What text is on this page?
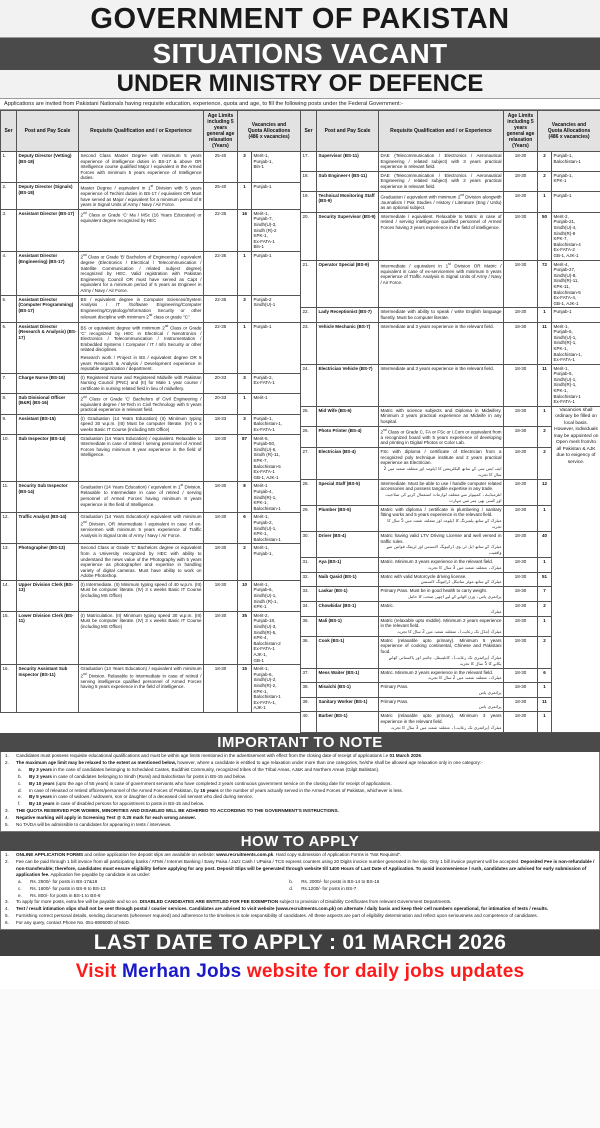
GOVERNMENT OF PAKISTAN
SITUATIONS VACANT
UNDER MINISTRY OF DEFENCE
Applications are invited from Pakistani Nationals having requisite education, experience, quota and age, to fill the following posts under the Federal Government:-
Ser	Post and Pay Scale	Requisite Qualification and / or Experience	Age Limits
including 5 years
general age
relaxation (Years)	Vacancies and
Quota Allocations
(486 x vacancies)	
1.	Deputy Director (Vetting) (BS-18)	Second Class Master Degree with minimum 5 years experience of intelligence duties in BS-17 & above OR Intelligence course qualified Major / equivalent in the Armed Forces with minimum 5 years experience of Intelligence duties.	25-40	3	Merit-1,
Punjab-1,
Bln-1

2.	Deputy Director (Signals) (BS-18)	Master Degree / equivalent in 1st Division with 5 years experience of Techint duties in BS-17 / equivalent OR Must have served as Major / equivalent for a minimum period of 8 years in Signal Units of Army / Navy / Air Force.	25-40	1	Punjab-1

3.	Assistant Director (BS-17)	2nd Class or Grade 'C' Ma / MSc (16 Years Education) or equivalent degree recognized by HEC	22-35	16	Merit-1,
Punjab-7,
Sindh(U)-3,
Sindh (R)-2
KPK-1,
Ex-FATA-1
Bln-1

4.	Assistant Director (Engineering) (BS-17)	2nd Class or Grade 'B' Bachelors of Engineering / equivalent degree (Electronics / Electrical / Telecommunication / Satellite Communication / related subject degree) recognized by HEC. Valid registration with Pakistan Engineering Council OR must have served as Capt / equivalent for a minimum period of 5 years as Engineer in Army / Navy / Air Force.	22-35	1	Punjab-1

5.	Assistant Director (Computer Programming) (BS-17)	BS / equivalent degree in Computer Sciences/System Analysis / IT /Software Engineering/Computer Engineering/Cryptology/Information Security or other relevant discipline with minimum 2nd class or grade "C"	22-35	3	Punjab-2
Sindh(U)-1

6.	Assistant Director (Research & Analysis) (BS-17)	BS or equivalent degree with minimum 2nd Class or Grade 'C' recognized by HEC in Electrical / Nenotronics / Electronics / Telecommunication / Instrumentation / Embedded Systems / Computer / IT / Info Security or other related disciplines.
Research work / Project in BS / equivalent degree OR 5 years Research & Analysis / Development experience in reputable organization / department.	22-35	1	Punjab-1

7.	Charge Nurse (BS-16)	(I) Registered Nurse and Registered Midwife with Pakistan Nursing Council (PNC) and (II) for Male 1 year course / certificate in nursing related field in lieu of midwifery.	20-33	3	Punjab-2,
Ex-FATA-1

8.	Sub Divisional Officer (B&R) (BS-16)	2nd Class or Grade 'C' Bachelors of Civil Engineering / equivalent degree / M-Tech in Civil Technology with 5 years practical experience in relevant field.	20-33	1	Merit-1

9.	Assistant (BS-15)	(I) Graduation (14 Years Education) (II) Minimum typing speed 30 w.p.m. (III) Must be computer literate. (IV) 6 x weeks Basic IT Course (including MS Office)	18-33	3	Punjab-1,
Balochistan-1,
Ex-FATA-1

10.	Sub Inspector (BS-14)	Graduation (14 Years Education) / equivalent. Relaxable to Intermediate in case of retired / serving personnel of Armed Forces having minimum 8 year experience in the field of Intelligence.	18-30	87	Merit-5,
Punjab-50,
Sindh(U)-6,
Sindh (R)-11,
KPK-7,
Balochistan-5
Ex-FATA-1
GB-1, AJK-1

11.	Security Sub Inspector (BS-14)	Graduation (14 Years Education) / equivalent in 1st Division. Relaxable to Intermediate in case of retired / serving personnel of Armed Forces having minimum 8 years experience in the field of Intelligence.	18-30	8	Merit-1
Punjab-4,
Sindh(R)-1,
KPK-1,
Balochistan-1

12.	Traffic Analyst (BS-14)	Graduation (14 Years Education)/ equivalent with minimum 2nd Division. OR Intermediate / equivalent in case of ex-servicemen with minimum 5 years experience of Traffic Analysis in Signal Units of Army / Navy / Air Force.	18-30	6	Merit-1,
Punjab-2,
Sindh(U)-1,
KPK-1,
Balochistan-1

13.	Photographer (BS-13)	Second Class or Grade 'C' Bachelors degree or equivalent from a University recognized by HEC with ability to understand the news value of the Photography with 5 years experience as photographer and expertise in handling variety of digital cameras. Must have ability to work on Adobe Photoshop.	18-30	2	Merit-1,
Punjab-1,

14.	Upper Division Clerk (BS-13)	(I) Intermediate. (II) Minimum typing speed of 40 w.p.m. (III) Must be computer literate. (IV) 3 x weeks Basic IT Course (including MS Office)	18-30	10	Merit-1,
Punjab-6,
Sindh(U)-1,
Sindh (R)-1,
KPK-1

15.	Lower Division Clerk (BS-11)	(I) Matriculation. (II) Minimum typing speed 30 w.p.m. (III) Must be computer literate. (IV) 3 x weeks Basic IT Course (including MS Office)	18-30	35	Merit-2,
Punjab-18,
Sindh(U)-3,
Sindh(R)-5,
KPK-4,
Balochistan-2
Ex-FATA-1
AJK-1,
GB-1

16.	Security Assistant Sub Inspector (BS-11)	Graduation (14 Years Education) / equivalent with minimum 2nd Division. Relaxable to Intermediate in case of retired / serving intelligence qualified personnel of Armed Forces having 5 years experience in the field of intelligence.	18-30	15	Merit-1,
Punjab-6,
Sindh(U)-2,
Sindh(R)-2,
KPK-1,
Balochistan-1
Ex-FATA-1,
AJK-1
Ser	Post and Pay Scale	Requisite Qualification and / or Experience	Age Limits
including 5 years
general age
relaxation (Years)	Vacancies and
Quota Allocations
(486 x vacancies)	
17.	Supervisor (BS-11)	DAE (Telecommunication / Electronics / Aeronautical Engineering / related subject) with 3 years practical experience in relevant field.	18-30	2	Punjab-1,
Balochistan-1

18.	Sub Engineer-I (BS-11)	DAE (Telecommunication / Electronics / Aeronautical Engineering / related subject) with 2 years practical experience in relevant field.	18-30	2	Punjab-1,
KPK-1

19.	Technical Monitoring Staff (BS-9)	Graduation / equivalent with minimum 2nd Division alongwith Journalism / Pak Studies / History / Literature (Eng / Urdu) as an optional subject.	18-30	1	Punjab-1

20.	Security Supervisor (BS-9)	Intermediate / equivalent. Relaxable to Matric in case of retired / serving intelligence qualified personnel of Armed Forces having 3 years experience in the field of intelligence.	18-30	50	Merit-2,
Punjab-21,
Sindh(U)-4,
Sindh(R)-8
KPK-7,
Balochistan-4
Ex-FATA-2
GB-1, AJK-1

21.	Operator Special (BS-9)	Intermediate / equivalent in 1st Division OR Matric / equivalent in case of ex-servicemen with minimum 5 years experience of Traffic Analysis in Signal Units of Army / Navy / Air Force.	18-30	72	Merit-4,
Punjab-27,
Sindh(U)-8,
Sindh(R)-11,
KPK-11,
Balochistan-5
Ex-FATA-4,
GB-1, AJK-1

22.	Lady Receptionist (BS-7)	Intermediate with ability to speak / write English language fluently. Must be computer literate.	18-30	1	Punjab-1

23.	Vehicle Mechanic (BS-7)	Intermediate and 3 years experience in the relevant field.	18-30	11	Merit-1,
Punjab-5,
Sindh(U)-1,
Sindh(R)-1,
KPK-1,
Balochistan-1,
Ex-FATA-1

24.	Electrician Vehicle (BS-7)	Intermediate and 3 years experience in the relevant field.	18-30	11	Merit-1,
Punjab-5,
Sindh(U)-1,
Sindh(R)-1,
KPK-1,
Balochistan-1
Ex-FATA-1

25.	Mid Wife (BS-6)	Matric with science subjects and Diploma in Midwifery. Minimum 2 years practical experience as Midwife in any hospital.	18-30	1	Vacancies shall ordinary be filled on local basis. However, individuals may be appointed on Open merit from/to all Pakistan & AJK due to exigency of service.
26.	Photo Printer (BS-4)	2nd Class or Grade C, FA or FSc or I.Com or equivalent from a recognized board with 5 years experience of developing and printing in Digital Photos or Color Lab.	18-30	2	
27.	Electrician (BS-4)	FSc with diploma / certificate of Electrician from a recognized poly technique institute and 2 years practical experience as Electrician.
ایف ایس سی کے ساتھ الیکٹریشن کا ڈپلومہ اور متعلقہ شعبہ میں 2 سال کا تجربہ	18-30	2	
28.	Special Staff (BS-5)	Intermediate. Must be able to use / handle computer related accessories and possess tangible expertise in any trade.
انٹرمیڈیٹ۔ کمپیوٹر سے متعلقہ لوازمات استعمال کرنے کی صلاحیت اور کسی بھی ہنر میں مہارت	18-30	12	
29.	Plumber (BS-5)	Matric with diploma / certificate in plumbering / sanitary fitting works and 5 years experience in the relevant field.
میٹرک کے ساتھ پلمبرنگ کا ڈپلومہ اور متعلقہ شعبہ میں 5 سال کا تجربہ	18-30	1	
30.	Driver (BS-4)	Matric having valid LTV Driving License and well versed in traffic rules.
میٹرک کے ساتھ ایل ٹی وی ڈرائیونگ لائسنس اور ٹریفک قوانین سے واقفیت	18-30	40	
31.	Aya (BS-1)	Matric. Minimum 3 years experience in the relevant field.
میٹرک۔ متعلقہ شعبہ میں 3 سال کا تجربہ	18-30	1	
32.	Naib Qasid (BS-1)	Matric with valid Motorcycle driving license.
میٹرک کے ساتھ موٹر سائیکل ڈرائیونگ لائسنس	18-30	51	
33.	Laskar (BS-1)	Primary Pass. Must be in good health to carry weight.
پرائمری پاس۔ وزن اٹھانے کے لیے اچھی صحت کا حامل	18-30	7	
34.	Chowkidar (BS-1)	Matric.
میٹرک	18-30	2	
35.	Mali (BS-1)	Matric (relaxable upto middle). Minimum 2 years experience in the relevant field.
میٹرک (مڈل تک رعایت)۔ متعلقہ شعبہ میں 2 سال کا تجربہ	18-30	1	
36.	Cook (BS-1)	Matric (relaxable upto primary). Minimum 5 years experience of cooking continental, Chinese and Pakistani food.
میٹرک (پرائمری تک رعایت)۔ کانٹینینٹل، چائنیز اور پاکستانی کھانے پکانے کا 5 سال کا تجربہ	18-30	2	
37.	Mess Waiter (BS-1)	Matric. Minimum 2 years experience in the relevant field.
میٹرک۔ متعلقہ شعبہ میں 2 سال کا تجربہ	18-30	6	
38.	Misalchi (BS-1)	Primary Pass.
پرائمری پاس	18-30	1	
39.	Sanitary Worker (BS-1)	Primary Pass.
پرائمری پاس	18-30	11	
40.	Barber (BS-1)	Matric (relaxable upto primary). Minimum 3 years experience in the relevant field.
میٹرک (پرائمری تک رعایت)۔ متعلقہ شعبہ میں 3 سال کا تجربہ	18-30	1	
IMPORTANT TO NOTE
1.	Candidates must possess requisite educational qualifications and must be within age limits mentioned in the advertisement with effect from the closing date of receipt of applications i.e 01 March 2026.
2.	The maximum age limit may be relaxed to the extent as mentioned below, however, where a candidate is entitled to age relaxation under more than one categories, he/she shall be allowed age relaxation only in one category:-
a.	By 3 years in the case of candidates belonging to Scheduled Castes, Buddhist Community, recognized tribes of the Tribal Areas, AJ&K and Northern Areas (Gilgit Baltistan).
b.	By 3 years in case of candidates belonging to Sindh (Rural) and Balochistan for posts in BS-15 and below.
c.	By 10 years (upto the age of 55 years) in case of government servants who have completed 2 years continuous government service on the closing date for receipt of applications.
d.	In case of released or retired officers/personnel of the Armed Forces of Pakistan, by 15 years or the number of years actually served in the Armed Forces of Pakistan, whichever is less.
e.	By 5 years in case of widows / widowers, son or daughter of a deceased civil servant who died during service.
f.	By 10 years in case of disabled persons for appointment to posts in BS-15 and below.
3.	THE QUOTA RESERVED FOR WOMEN, MINORITIES AND DISABLED WILL BE ADHERED TO ACCORDING TO THE GOVERNMENT'S INSTRUCTIONS.
4.	Negative marking will apply in Screening Test @ 0.25 mark for each wrong answer.
5.	No TA/DA will be admissible to candidates for appearing in tests / interviews.
HOW TO APPLY
1.	ONLINE APPLICATION FORMS and online application fee deposit slips are available on website: www.recruitments.com.pk. Hard copy submission of Application Forms is "Not Required".
2.	Fee can be paid through 1 bill invoice from all participating banks / ATMs / Internet Banking / Easy Paisa / Jazz Cash / UPaisa / TCS express counters using 20 Digits invoice number generated in fee slip. Only 1 bill invoice payment will be accepted. Deposited Fee is non-refundable / non-transferable; therefore, candidates must ensure eligibility before applying for any post. Deposit Slips will be generated through website till 1400 Hours of Last Date of Application. To avoid inconvenience / rush, candidates are advised for early submission of application fee. Application fee payable by candidate is as under:
a.	Rs. 2500/- for posts in BS-17&18	b.	Rs. 2000/- for posts in BS-14 to BS-16
c.	Rs. 1600/- for posts in BS-9 to BS-13	d.	Rs.1200/- for posts in BS-7
e.	Rs. 800/- for posts in BS-1 to BS-6
3.	To apply for more posts, extra fee will be payable and so on. DISABLED CANDIDATES ARE ENTITLED FOR FEE EXEMPTION subject to provision of Disability Certificates from relevant Government Departments.
4.	Test / result intimation slips shall not be sent through postal / courier services. Candidates are advised to visit website (www.recruitments.com.pk) on alternate / daily basis and keep their cell numbers operational, for intimation of tests / results.
5.	Furnishing correct personal details, sending documents (whenever required) and adherence to the timelines is sole responsibility of candidates. All these aspects are part of eligibility determination and reflect upon seriousness and competence of candidates.
6.	For any query, contact Phone No. 051-8905000 of MoD.
LAST DATE TO APPLY : 01 MARCH 2026
Visit Merhan Jobs website for daily jobs updates
